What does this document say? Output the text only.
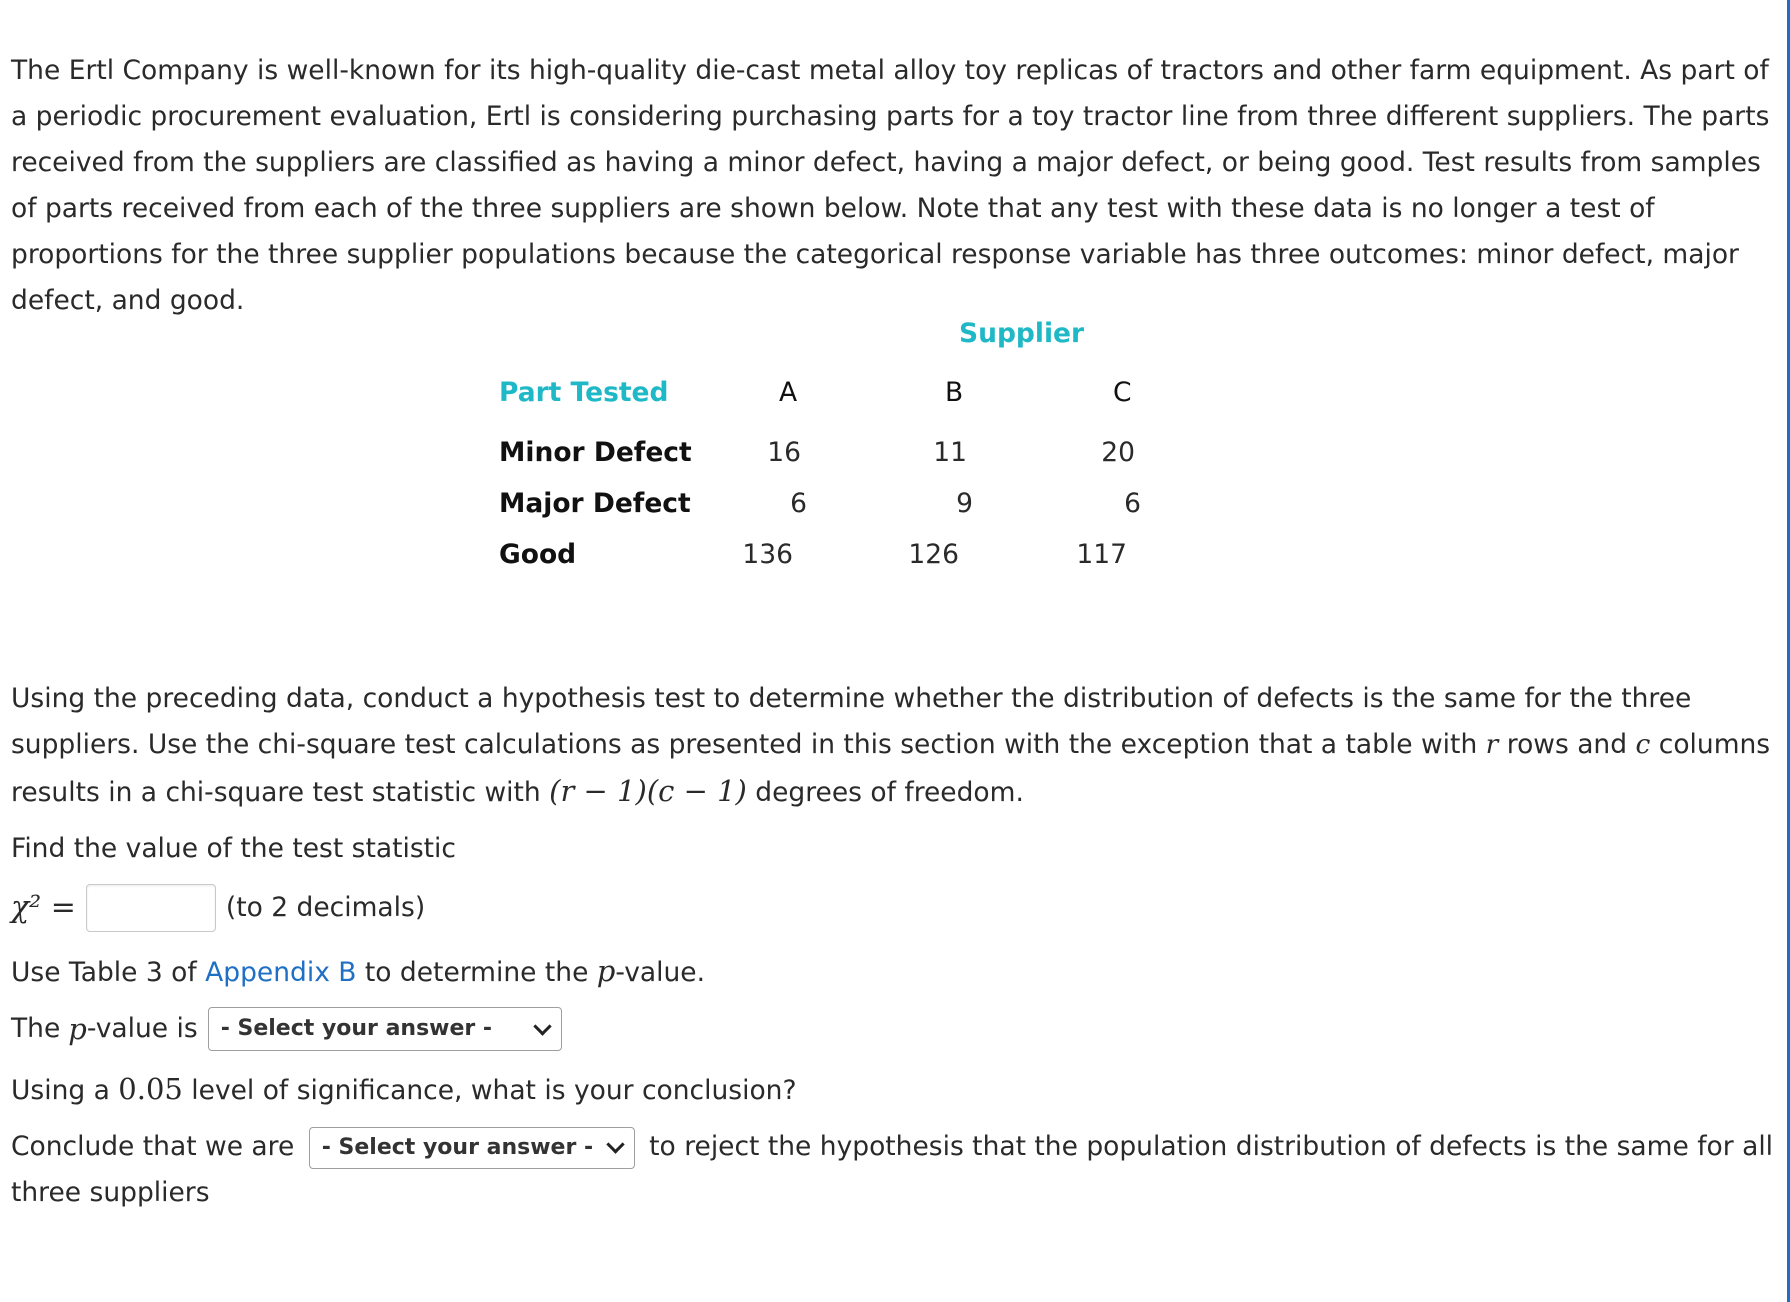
The Ertl Company is well-known for its high-quality die-cast metal alloy toy replicas of tractors and other farm equipment. As part of a periodic procurement evaluation, Ertl is considering purchasing parts for a toy tractor line from three different suppliers. The parts received from the suppliers are classified as having a minor defect, having a major defect, or being good. Test results from samples of parts received from each of the three suppliers are shown below. Note that any test with these data is no longer a test of proportions for the three supplier populations because the categorical response variable has three outcomes: minor defect, major defect, and good.

Supplier
Part Tested	A	B	C
Minor Defect	16	11	20
Major Defect	6	9	6
Good	136	126	117

Using the preceding data, conduct a hypothesis test to determine whether the distribution of defects is the same for the three suppliers. Use the chi-square test calculations as presented in this section with the exception that a table with r rows and c columns results in a chi-square test statistic with (r − 1)(c − 1) degrees of freedom.

Find the value of the test statistic

χ² =	(to 2 decimals)

Use Table 3 of Appendix B to determine the p-value.

The p -value is - Select your answer -

Using a 0.05 level of significance, what is your conclusion?

Conclude that we are - Select your answer - to reject the hypothesis that the population distribution of defects is the same for all three suppliers
